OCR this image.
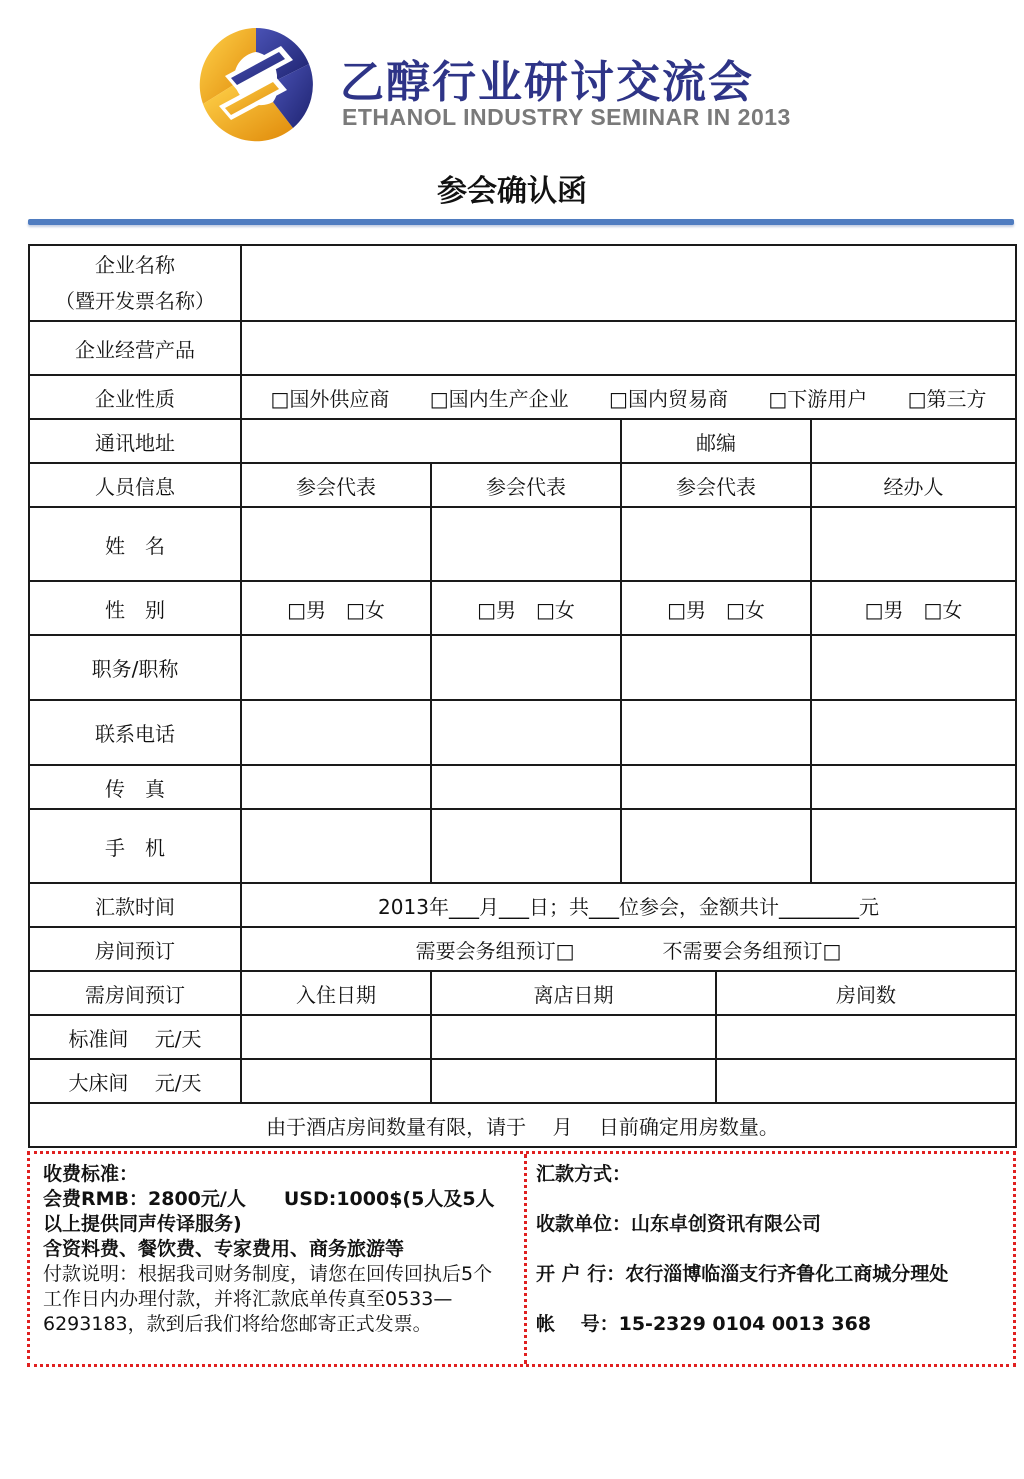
乙醇行业研讨交流会
ETHANOL INDUSTRY SEMINAR IN 2013
参会确认函
企业名称
（暨开发票名称）					

企业经营产品					
企业性质	□国外供应商 □国内生产企业 □国内贸易商 □下游用户 □第三方				
通讯地址			邮编		
人员信息	参会代表	参会代表	参会代表		经办人
姓　名					
性　别	□男 □女	□男 □女	□男 □女		□男 □女
职务/职称					
联系电话					
传　真					
手　机					
汇款时间	2013年___月___日；共___位参会，金额共计________元				
房间预订	需要会务组预订□ 不需要会务组预订□				
需房间预订	入住日期	离店日期		房间数	
标准间　 元/天					
大床间　 元/天					
由于酒店房间数量有限，请于　 月　 日前确定用房数量。					
收费标准：
会费RMB：2800元/人　　USD:1000$(5人及5人以上提供同声传译服务)
含资料费、餐饮费、专家费用、商务旅游等
付款说明：根据我司财务制度，请您在回传回执后5个工作日内办理付款，并将汇款底单传真至0533—6293183，款到后我们将给您邮寄正式发票。
汇款方式：
收款单位：山东卓创资讯有限公司
开 户 行：农行淄博临淄支行齐鲁化工商城分理处
帐　 号：15-2329 0104 0013 368
